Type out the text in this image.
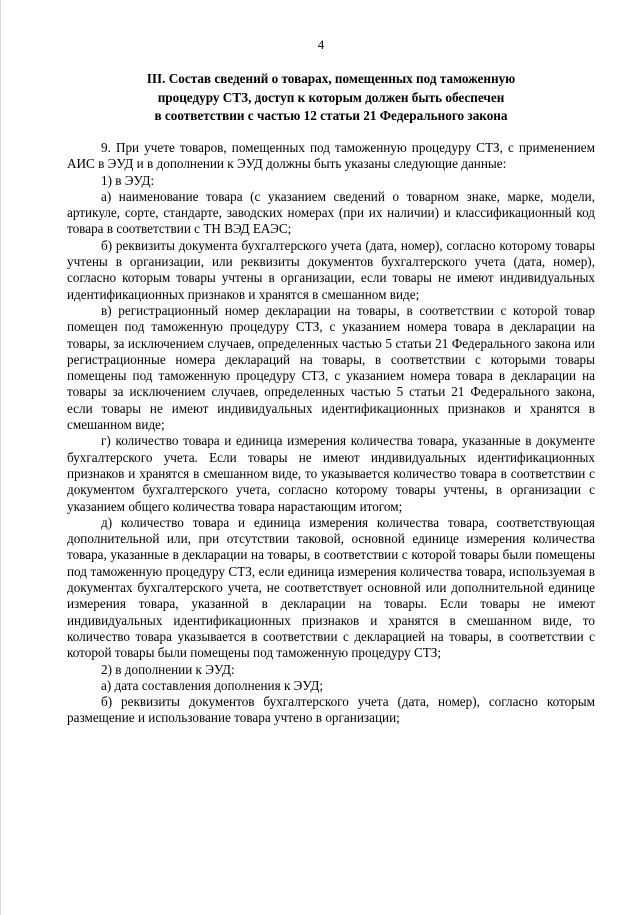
4
III. Состав сведений о товарах, помещенных под таможенную
процедуру СТЗ, доступ к которым должен быть обеспечен
в соответствии с частью 12 статьи 21 Федерального закона

9. При учете товаров, помещенных под таможенную процедуру СТЗ, с применением АИС в ЭУД и в дополнении к ЭУД должны быть указаны следующие данные:

1) в ЭУД:

а) наименование товара (с указанием сведений о товарном знаке, марке, модели, артикуле, сорте, стандарте, заводских номерах (при их наличии) и классификационный код товара в соответствии с ТН ВЭД ЕАЭС;

б) реквизиты документа бухгалтерского учета (дата, номер), согласно которому товары учтены в организации, или реквизиты документов бухгалтерского учета (дата, номер), согласно которым товары учтены в организации, если товары не имеют индивидуальных идентификационных признаков и хранятся в смешанном виде;

в) регистрационный номер декларации на товары, в соответствии с которой товар помещен под таможенную процедуру СТЗ, с указанием номера товара в декларации на товары, за исключением случаев, определенных частью 5 статьи 21 Федерального закона или регистрационные номера деклараций на товары, в соответствии с которыми товары помещены под таможенную процедуру СТЗ, с указанием номера товара в декларации на товары за исключением случаев, определенных частью 5 статьи 21 Федерального закона, если товары не имеют индивидуальных идентификационных признаков и хранятся в смешанном виде;

г) количество товара и единица измерения количества товара, указанные в документе бухгалтерского учета. Если товары не имеют индивидуальных идентификационных признаков и хранятся в смешанном виде, то указывается количество товара в соответствии с документом бухгалтерского учета, согласно которому товары учтены, в организации с указанием общего количества товара нарастающим итогом;

д) количество товара и единица измерения количества товара, соответствующая дополнительной или, при отсутствии таковой, основной единице измерения количества товара, указанные в декларации на товары, в соответствии с которой товары были помещены под таможенную процедуру СТЗ, если единица измерения количества товара, используемая в документах бухгалтерского учета, не соответствует основной или дополнительной единице измерения товара, указанной в декларации на товары. Если товары не имеют индивидуальных идентификационных признаков и хранятся в смешанном виде, то количество товара указывается в соответствии с декларацией на товары, в соответствии с которой товары были помещены под таможенную процедуру СТЗ;

2) в дополнении к ЭУД:

а) дата составления дополнения к ЭУД;

б) реквизиты документов бухгалтерского учета (дата, номер), согласно которым размещение и использование товара учтено в организации;
